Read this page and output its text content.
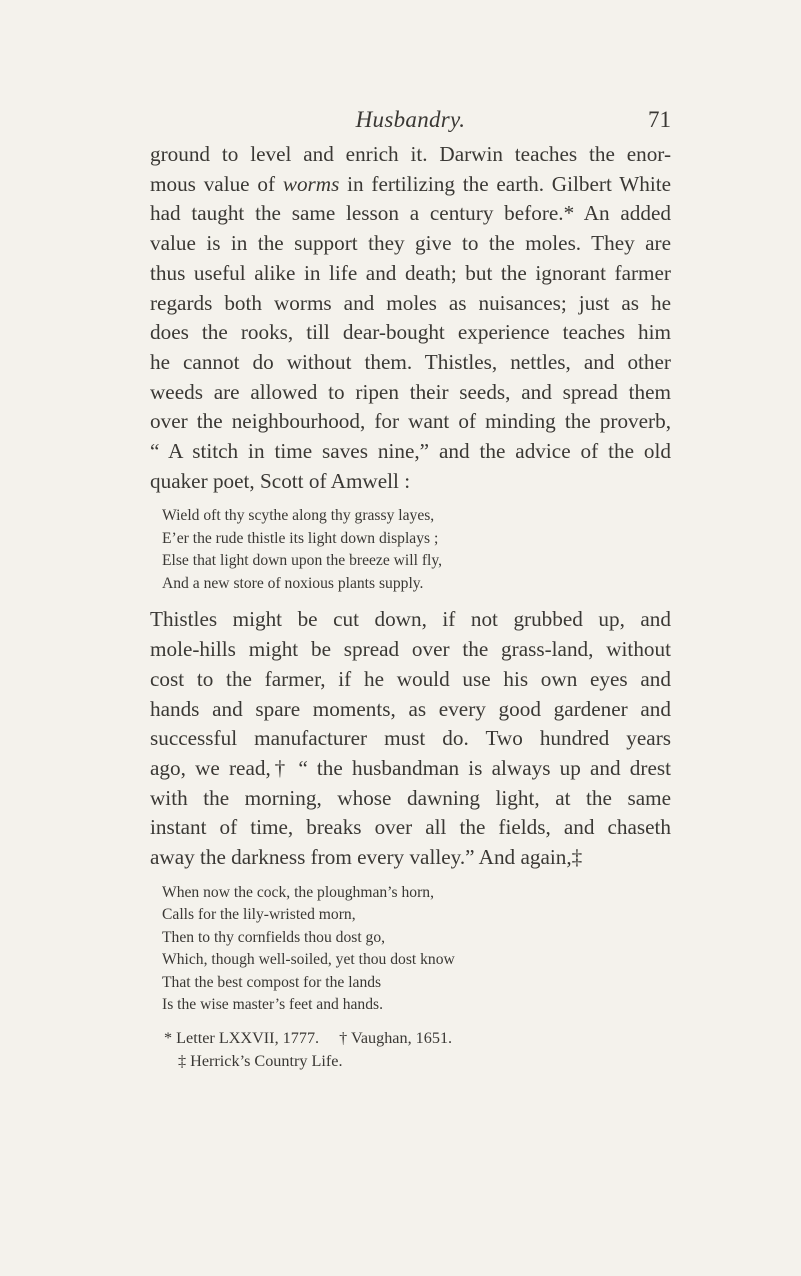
Husbandry.	71
ground to level and enrich it. Darwin teaches the enor-
mous value of worms in fertilizing the earth. Gilbert White
had taught the same lesson a century before.* An added
value is in the support they give to the moles. They are
thus useful alike in life and death; but the ignorant farmer
regards both worms and moles as nuisances; just as he
does the rooks, till dear-bought experience teaches him
he cannot do without them. Thistles, nettles, and other
weeds are allowed to ripen their seeds, and spread them
over the neighbourhood, for want of minding the proverb,
“ A stitch in time saves nine,” and the advice of the old
quaker poet, Scott of Amwell :
Wield oft thy scythe along thy grassy layes,
E’er the rude thistle its light down displays ;
Else that light down upon the breeze will fly,
And a new store of noxious plants supply.
Thistles might be cut down, if not grubbed up, and
mole-hills might be spread over the grass-land, without
cost to the farmer, if he would use his own eyes and
hands and spare moments, as every good gardener and
successful manufacturer must do. Two hundred years
ago, we read,† “ the husbandman is always up and drest
with the morning, whose dawning light, at the same
instant of time, breaks over all the fields, and chaseth
away the darkness from every valley.” And again,‡
When now the cock, the ploughman’s horn,
Calls for the lily-wristed morn,
Then to thy cornfields thou dost go,
Which, though well-soiled, yet thou dost know
That the best compost for the lands
Is the wise master’s feet and hands.
* Letter LXXVII, 1777. † Vaughan, 1651.
‡ Herrick’s Country Life.
